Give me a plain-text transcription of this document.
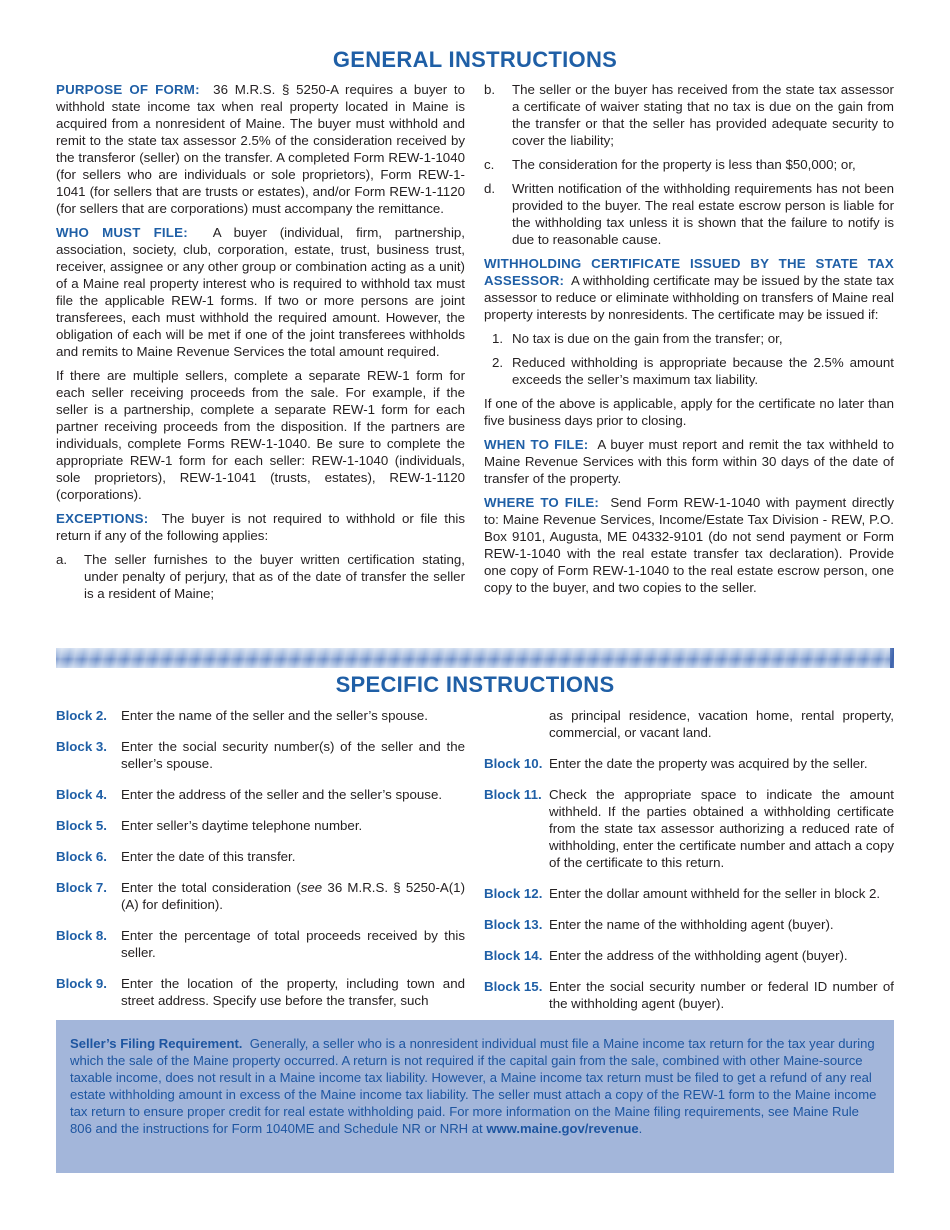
GENERAL INSTRUCTIONS

PURPOSE OF FORM: 36 M.R.S. § 5250-A requires a buyer to withhold state income tax when real property located in Maine is acquired from a nonresident of Maine. The buyer must withhold and remit to the state tax assessor 2.5% of the consideration received by the transferor (seller) on the transfer. A completed Form REW-1-1040 (for sellers who are individuals or sole proprietors), Form REW-1-1041 (for sellers that are trusts or estates), and/or Form REW-1-1120 (for sellers that are corporations) must accompany the remittance.

WHO MUST FILE: A buyer (individual, firm, partnership, association, society, club, corporation, estate, trust, business trust, receiver, assignee or any other group or combination acting as a unit) of a Maine real property interest who is required to withhold tax must file the applicable REW-1 forms. If two or more persons are joint transferees, each must withhold the required amount. However, the obligation of each will be met if one of the joint transferees withholds and remits to Maine Revenue Services the total amount required.

If there are multiple sellers, complete a separate REW-1 form for each seller receiving proceeds from the sale. For example, if the seller is a partnership, complete a separate REW-1 form for each partner receiving proceeds from the disposition. If the partners are individuals, complete Forms REW-1-1040. Be sure to complete the appropriate REW-1 form for each seller: REW-1-1040 (individuals, sole proprietors), REW-1-1041 (trusts, estates), REW-1-1120 (corporations).

EXCEPTIONS: The buyer is not required to withhold or file this return if any of the following applies:

a.	The seller furnishes to the buyer written certification stating, under penalty of perjury, that as of the date of transfer the seller is a resident of Maine;
b.	The seller or the buyer has received from the state tax assessor a certificate of waiver stating that no tax is due on the gain from the transfer or that the seller has provided adequate security to cover the liability;
c.	The consideration for the property is less than $50,000; or,
d.	Written notification of the withholding requirements has not been provided to the buyer. The real estate escrow person is liable for the withholding tax unless it is shown that the failure to notify is due to reasonable cause.

WITHHOLDING CERTIFICATE ISSUED BY THE STATE TAX ASSESSOR: A withholding certificate may be issued by the state tax assessor to reduce or eliminate withholding on transfers of Maine real property interests by nonresidents. The certificate may be issued if:

1. No tax is due on the gain from the transfer; or,
2. Reduced withholding is appropriate because the 2.5% amount exceeds the seller’s maximum tax liability.

If one of the above is applicable, apply for the certificate no later than five business days prior to closing.

WHEN TO FILE: A buyer must report and remit the tax withheld to Maine Revenue Services with this form within 30 days of the date of transfer of the property.

WHERE TO FILE: Send Form REW-1-1040 with payment directly to: Maine Revenue Services, Income/Estate Tax Division - REW, P.O. Box 9101, Augusta, ME 04332-9101 (do not send payment or Form REW-1-1040 with the real estate transfer tax declaration). Provide one copy of Form REW-1-1040 to the real estate escrow person, one copy to the buyer, and two copies to the seller.

SPECIFIC INSTRUCTIONS
Block 2.	Enter the name of the seller and the seller’s spouse.
Block 3.	Enter the social security number(s) of the seller and the seller’s spouse.
Block 4.	Enter the address of the seller and the seller’s spouse.
Block 5.	Enter seller’s daytime telephone number.
Block 6.	Enter the date of this transfer.
Block 7.	Enter the total consideration (see 36 M.R.S. § 5250-A(1)(A) for definition).
Block 8.	Enter the percentage of total proceeds received by this seller.
Block 9.	Enter the location of the property, including town and street address. Specify use before the transfer, such
as principal residence, vacation home, rental property, commercial, or vacant land.
Block 10. Enter the date the property was acquired by the seller.
Block 11. Check the appropriate space to indicate the amount withheld. If the parties obtained a withholding certificate from the state tax assessor authorizing a reduced rate of withholding, enter the certificate number and attach a copy of the certificate to this return.
Block 12. Enter the dollar amount withheld for the seller in block 2.
Block 13. Enter the name of the withholding agent (buyer).
Block 14. Enter the address of the withholding agent (buyer).
Block 15. Enter the social security number or federal ID number of the withholding agent (buyer).
Seller’s Filing Requirement. Generally, a seller who is a nonresident individual must file a Maine income tax return for the tax year during which the sale of the Maine property occurred. A return is not required if the capital gain from the sale, combined with other Maine-source taxable income, does not result in a Maine income tax liability. However, a Maine income tax return must be filed to get a refund of any real estate withholding amount in excess of the Maine income tax liability. The seller must attach a copy of the REW-1 form to the Maine income tax return to ensure proper credit for real estate withholding paid. For more information on the Maine filing requirements, see Maine Rule 806 and the instructions for Form 1040ME and Schedule NR or NRH at www.maine.gov/revenue.
